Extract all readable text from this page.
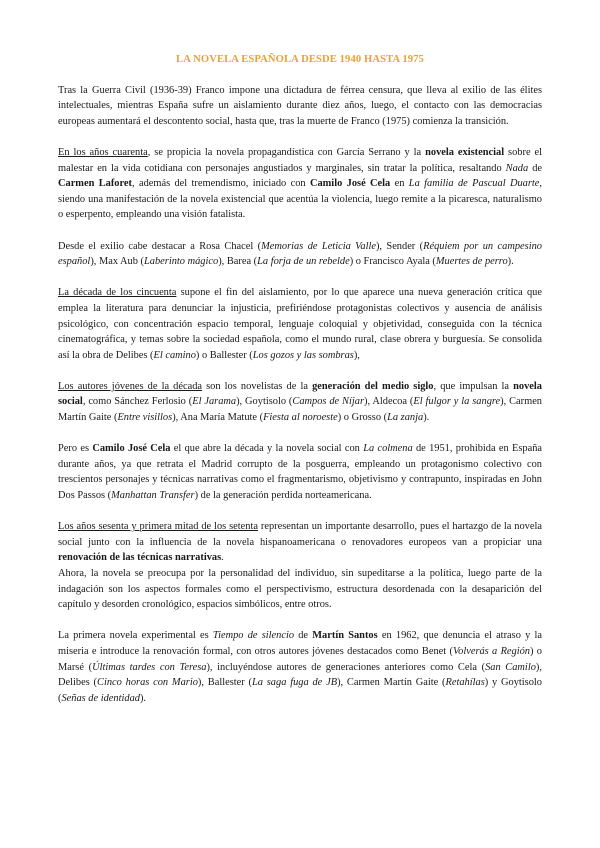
LA NOVELA ESPAÑOLA DESDE 1940 HASTA 1975

Tras la Guerra Civil (1936-39) Franco impone una dictadura de férrea censura, que lleva al exilio de las élites intelectuales, mientras España sufre un aislamiento durante diez años, luego, el contacto con las democracias europeas aumentará el descontento social, hasta que, tras la muerte de Franco (1975) comienza la transición.

En los años cuarenta, se propicia la novela propagandística con García Serrano y la novela existencial sobre el malestar en la vida cotidiana con personajes angustiados y marginales, sin tratar la política, resaltando Nada de Carmen Laforet, además del tremendismo, iniciado con Camilo José Cela en La familia de Pascual Duarte, siendo una manifestación de la novela existencial que acentúa la violencia, luego remite a la picaresca, naturalismo o esperpento, empleando una visión fatalista.

Desde el exilio cabe destacar a Rosa Chacel (Memorias de Leticia Valle), Sender (Réquiem por un campesino español), Max Aub (Laberinto mágico), Barea (La forja de un rebelde) o Francisco Ayala (Muertes de perro).

La década de los cincuenta supone el fin del aislamiento, por lo que aparece una nueva generación crítica que emplea la literatura para denunciar la injusticia, prefiriéndose protagonistas colectivos y ausencia de análisis psicológico, con concentración espacio temporal, lenguaje coloquial y objetividad, conseguida con la técnica cinematográfica, y temas sobre la sociedad española, como el mundo rural, clase obrera y burguesía. Se consolida así la obra de Delibes (El camino) o Ballester (Los gozos y las sombras),

Los autores jóvenes de la década son los novelistas de la generación del medio siglo, que impulsan la novela social, como Sánchez Ferlosio (El Jarama), Goytisolo (Campos de Níjar), Aldecoa (El fulgor y la sangre), Carmen Martín Gaite (Entre visillos), Ana María Matute (Fiesta al noroeste) o Grosso (La zanja).

Pero es Camilo José Cela el que abre la década y la novela social con La colmena de 1951, prohibida en España durante años, ya que retrata el Madrid corrupto de la posguerra, empleando un protagonismo colectivo con trescientos personajes y técnicas narrativas como el fragmentarismo, objetivismo y contrapunto, inspiradas en John Dos Passos (Manhattan Transfer) de la generación perdida norteamericana.

Los años sesenta y primera mitad de los setenta representan un importante desarrollo, pues el hartazgo de la novela social junto con la influencia de la novela hispanoamericana o renovadores europeos van a propiciar una renovación de las técnicas narrativas.

Ahora, la novela se preocupa por la personalidad del individuo, sin supeditarse a la política, luego parte de la indagación son los aspectos formales como el perspectivismo, estructura desordenada con la desaparición del capítulo y desorden cronológico, espacios simbólicos, entre otros.

La primera novela experimental es Tiempo de silencio de Martín Santos en 1962, que denuncia el atraso y la miseria e introduce la renovación formal, con otros autores jóvenes destacados como Benet (Volverás a Región) o Marsé (Últimas tardes con Teresa), incluyéndose autores de generaciones anteriores como Cela (San Camilo), Delibes (Cinco horas con Mario), Ballester (La saga fuga de JB), Carmen Martín Gaite (Retahílas) y Goytisolo (Señas de identidad).
